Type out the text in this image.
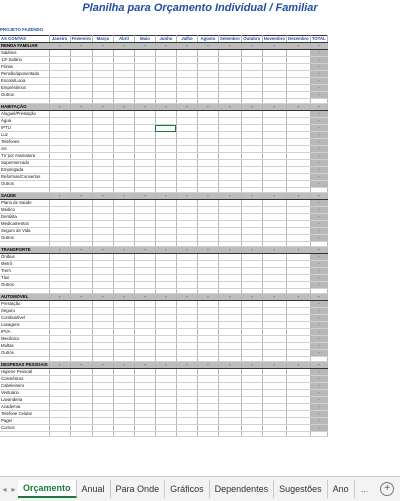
Planilha para Orçamento Individual / Familiar
PROJETO FAZENDO
AS CONTAS	Janeiro	Fevereiro	Março	Abril	Maio	Junho	Julho	Agosto	Setembro	Outubro	Novembro	Dezembro	TOTAL
RENDA FAMILIAR	-	-	-	-	-	-	-	-	-	-	-	-	-
Salários													-
13º Salário													-
Férias													-
Pensão/aposentado													-
Escola/Lucia													-
Empréstimos													-
Outros													-

HABITAÇÃO	-	-	-	-	-	-	-	-	-	-	-	-	-
Aluguel/Prestação													-
Água													-
IPTU													-
Luz													-
Telefones													-
cel													-
TV por Assinatura													-
Supermercado													-
Empregada													-
Reformas/Consertos													-
Outros													-

SAÚDE	-	-	-	-	-	-	-	-	-	-	-	-	-
Plano de Saúde													-
Médico													-
Dentista													-
Medicamentos													-
Seguro de Vida													-
Outros													-

TRANSPORTE	-	-	-	-	-	-	-	-	-	-	-	-	-
Ônibus													-
Metrô													-
Trem													-
Táxi													-
Outros													-

AUTOMÓVEL	-	-	-	-	-	-	-	-	-	-	-	-	-
Prestação													-
Seguro													-
Combustível													-
Lavagens													-
IPVA													-
Mecânico													-
Multas													-
Outros													-

DESPESAS PESSOAIS	-	-	-	-	-	-	-	-	-	-	-	-	-
Higiene Pessoal													-
Cosméticos													-
Cabeleireiro													-
Vestuário													-
Lavanderia													-
Academia													-
Telefone Celular													-
Pager													-
Cursos													-

◂ ▸ Orçamento	Anual	Para Onde	Gráficos	Dependentes	Sugestões	Ano	...	+
